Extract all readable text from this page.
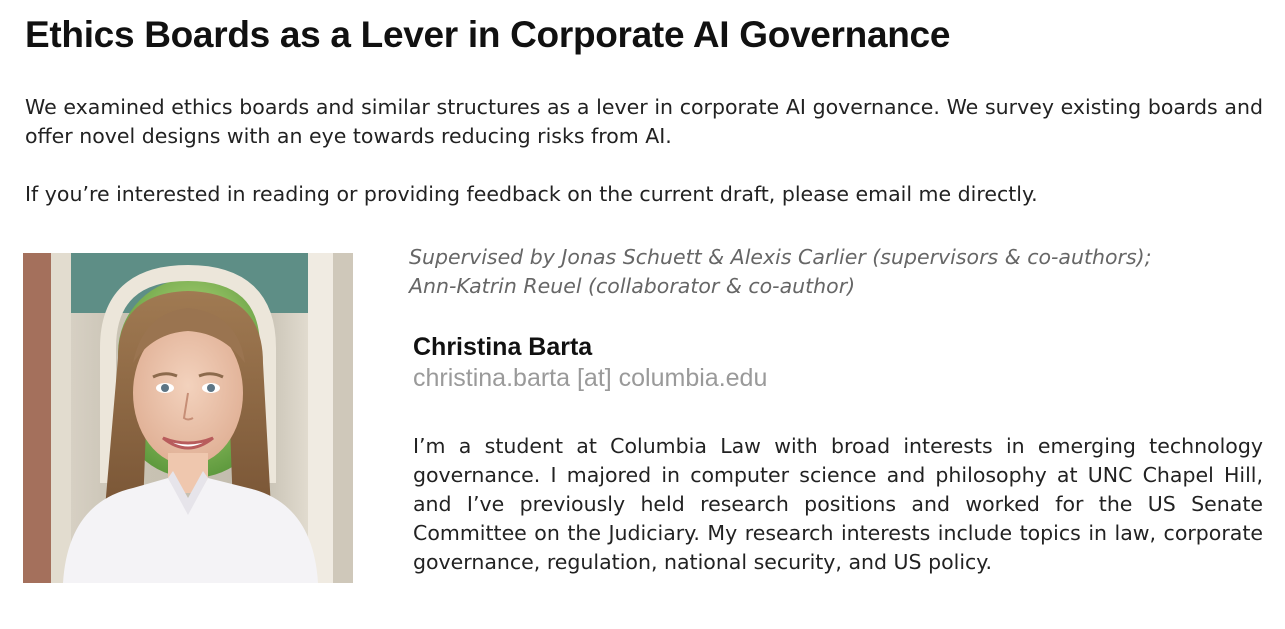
Ethics Boards as a Lever in Corporate AI Governance

We examined ethics boards and similar structures as a lever in corporate AI governance. We survey existing boards and offer novel designs with an eye towards reducing risks from AI.

If you’re interested in reading or providing feedback on the current draft, please email me directly.

Supervised by Jonas Schuett & Alexis Carlier (supervisors & co-authors);
Ann-Katrin Reuel (collaborator & co-author)

Christina Barta

christina.barta [at] columbia.edu

I’m a student at Columbia Law with broad interests in emerging technology governance. I majored in computer science and philosophy at UNC Chapel Hill, and I’ve previously held research positions and worked for the US Senate Committee on the Judiciary. My research interests include topics in law, corporate governance, regulation, national security, and US policy.
